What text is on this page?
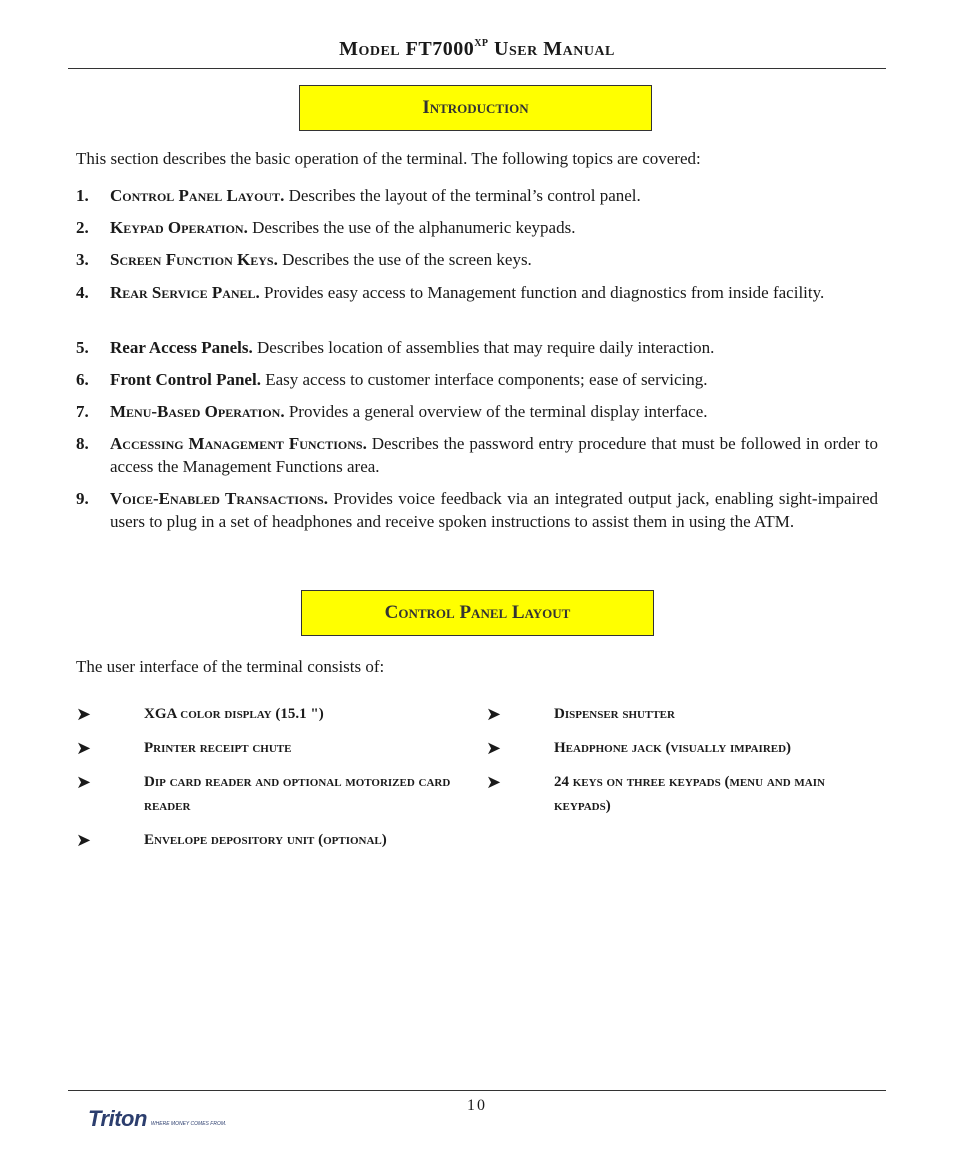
Model $FT7000^{XP}$ User Manual
Introduction
This section describes the basic operation of the terminal. The following topics are covered:
1.	Control Panel Layout. Describes the layout of the terminal’s control panel.
2.	Keypad Operation. Describes the use of the alphanumeric keypads.
3.	Screen Function Keys. Describes the use of the screen keys.
4.	Rear Service Panel. Provides easy access to Management function and diagnostics from inside facility.
5.	Rear Access Panels. Describes location of assemblies that may require daily interaction.
6.	Front Control Panel. Easy access to customer interface components; ease of servicing.
7.	Menu-Based Operation. Provides a general overview of the terminal display interface.
8.	Accessing Management Functions. Describes the password entry procedure that must be followed in order to access the Management Functions area.
9.	Voice-Enabled Transactions. Provides voice feedback via an integrated output jack, enabling sight-impaired users to plug in a set of headphones and receive spoken instructions to assist them in using the ATM.
Control Panel Layout
The user interface of the terminal consists of:
➤	XGA color display (15.1 ")
➤	Printer receipt chute
➤	Dip card reader and optional motorized card reader
➤	Envelope depository unit (optional)
➤	Dispenser shutter
➤	Headphone jack (visually impaired)
➤	24 keys on three keypads (menu and main keypads)
10
Triton WHERE MONEY COMES FROM.
